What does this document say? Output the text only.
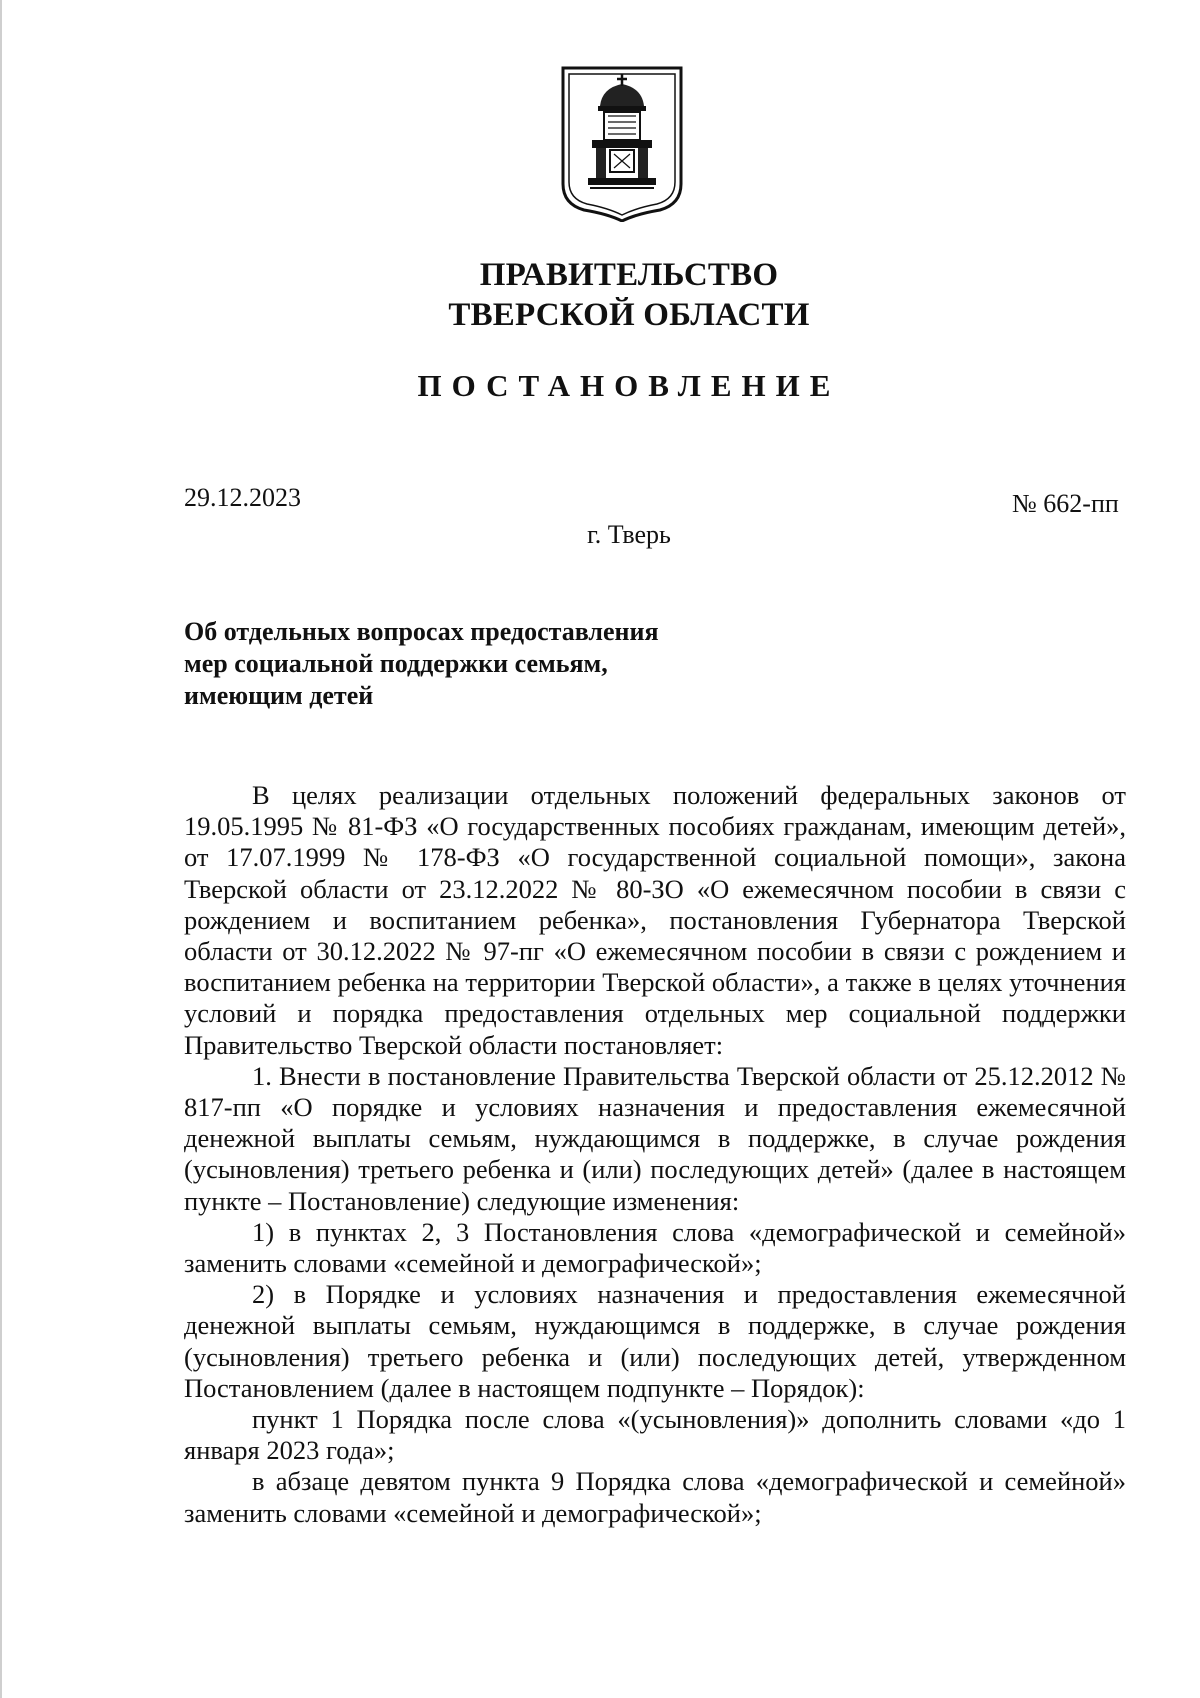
ПРАВИТЕЛЬСТВО
ТВЕРСКОЙ ОБЛАСТИ
ПОСТАНОВЛЕНИЕ
29.12.2023	№ 662-пп
г. Тверь
Об отдельных вопросах предоставления
мер социальной поддержки семьям,
имеющим детей

В целях реализации отдельных положений федеральных законов от 19.05.1995 № 81-ФЗ «О государственных пособиях гражданам, имеющим детей», от 17.07.1999 № 178-ФЗ «О государственной социальной помощи», закона Тверской области от 23.12.2022 № 80-ЗО «О ежемесячном пособии в связи с рождением и воспитанием ребенка», постановления Губернатора Тверской области от 30.12.2022 № 97-пг «О ежемесячном пособии в связи с рождением и воспитанием ребенка на территории Тверской области», а также в целях уточнения условий и порядка предоставления отдельных мер социальной поддержки Правительство Тверской области постановляет:

1. Внести в постановление Правительства Тверской области от 25.12.2012 № 817-пп «О порядке и условиях назначения и предоставления ежемесячной денежной выплаты семьям, нуждающимся в поддержке, в случае рождения (усыновления) третьего ребенка и (или) последующих детей» (далее в настоящем пункте – Постановление) следующие изменения:

1) в пунктах 2, 3 Постановления слова «демографической и семейной» заменить словами «семейной и демографической»;

2) в Порядке и условиях назначения и предоставления ежемесячной денежной выплаты семьям, нуждающимся в поддержке, в случае рождения (усыновления) третьего ребенка и (или) последующих детей, утвержденном Постановлением (далее в настоящем подпункте – Порядок):

пункт 1 Порядка после слова «(усыновления)» дополнить словами «до 1 января 2023 года»;

в абзаце девятом пункта 9 Порядка слова «демографической и семейной» заменить словами «семейной и демографической»;
